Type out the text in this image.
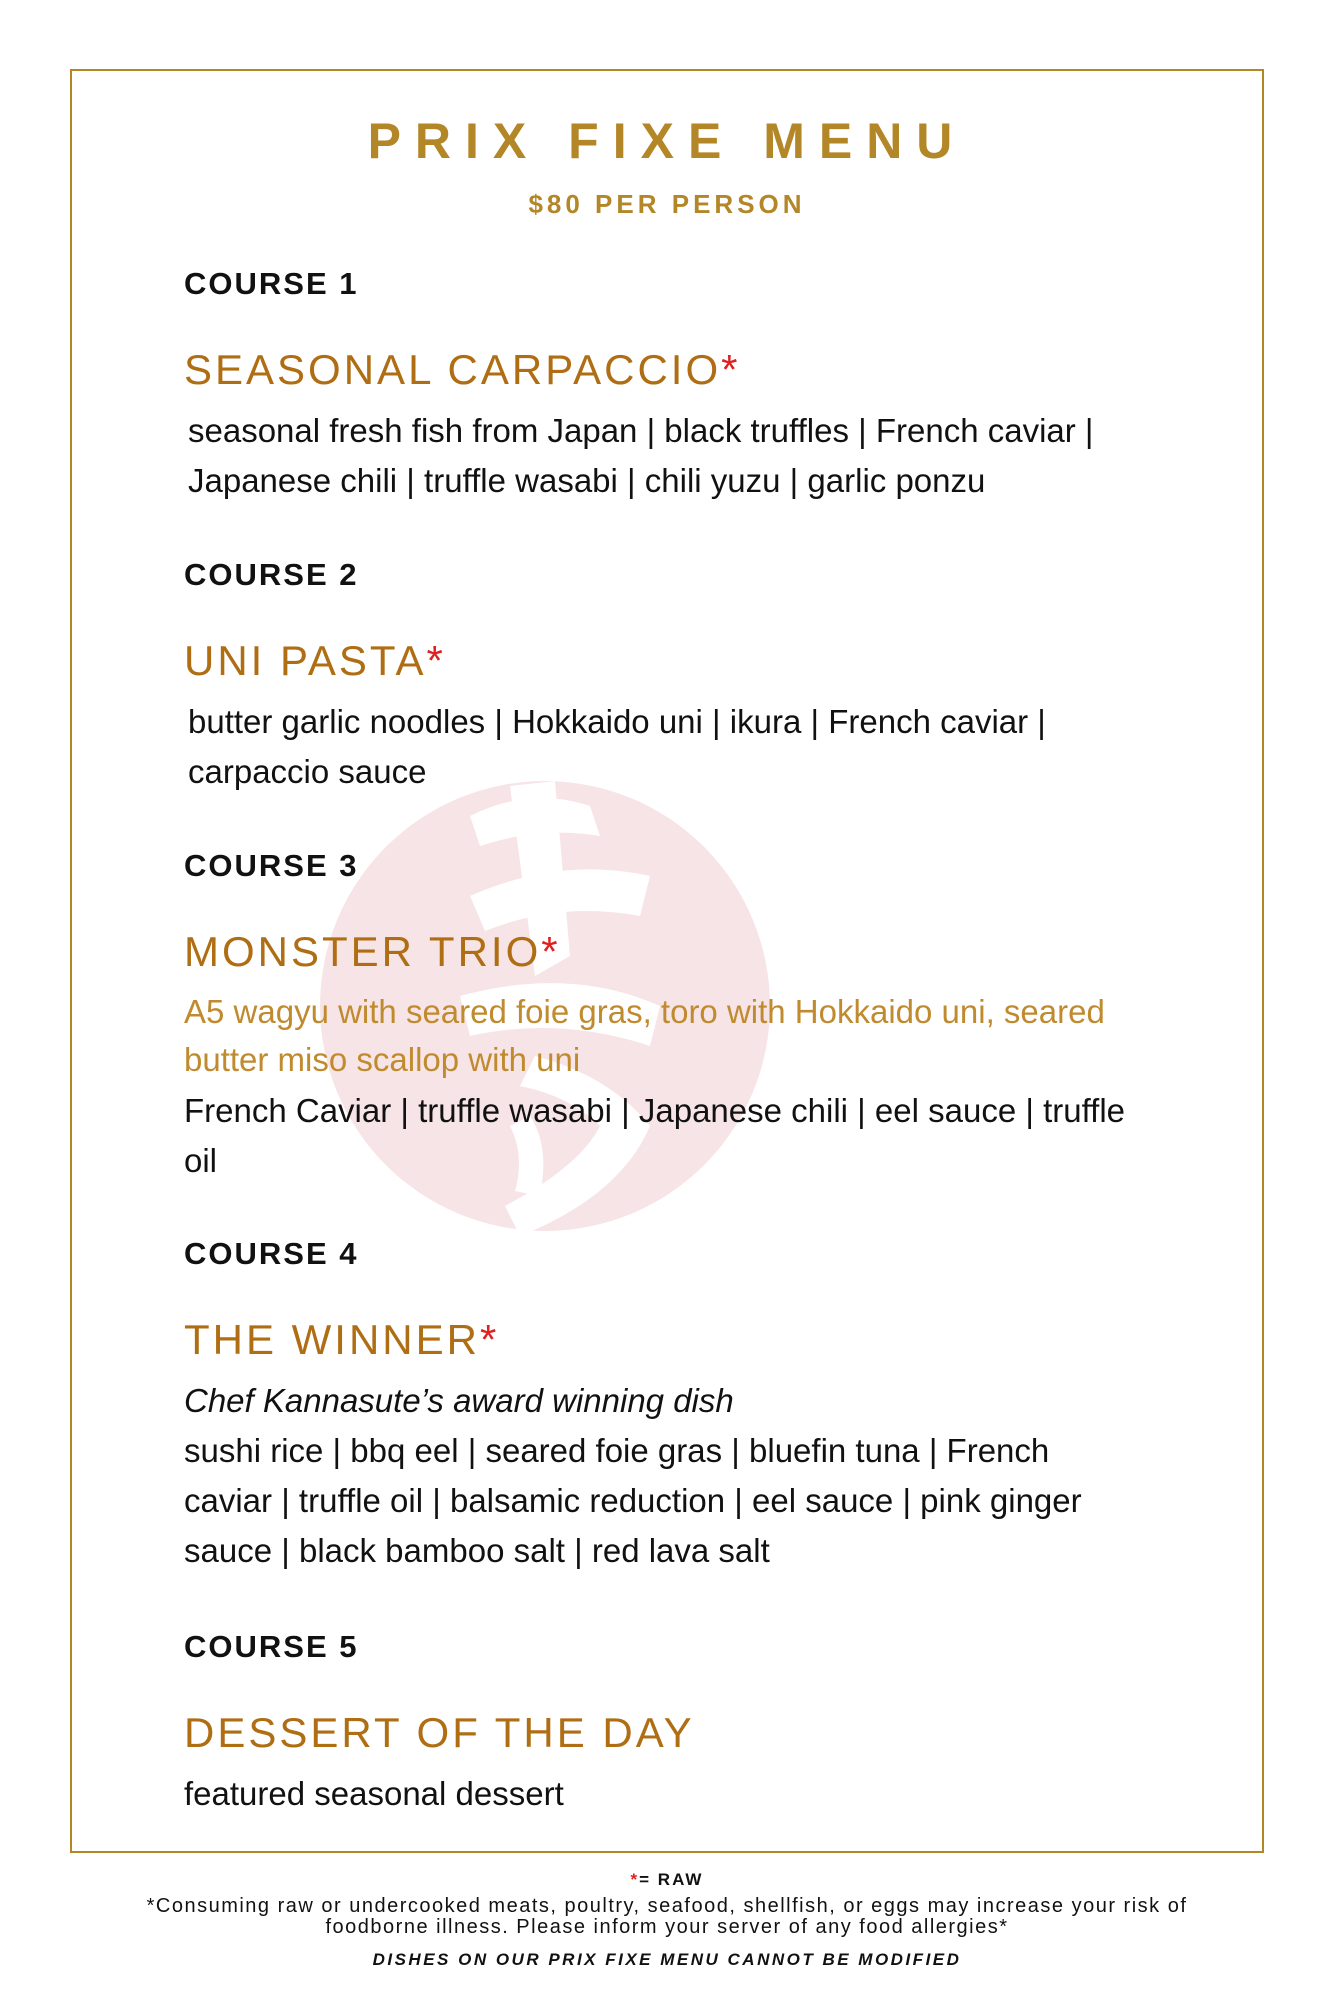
PRIX FIXE MENU
$80 PER PERSON
COURSE 1
SEASONAL CARPACCIO*
seasonal fresh fish from Japan | black truffles | French caviar |
Japanese chili | truffle wasabi | chili yuzu | garlic ponzu
COURSE 2
UNI PASTA*
butter garlic noodles | Hokkaido uni | ikura | French caviar |
carpaccio sauce
COURSE 3
MONSTER TRIO*
A5 wagyu with seared foie gras, toro with Hokkaido uni, seared
butter miso scallop with uni
French Caviar | truffle wasabi | Japanese chili | eel sauce | truffle
oil
COURSE 4
THE WINNER*
Chef Kannasute’s award winning dish
sushi rice | bbq eel | seared foie gras | bluefin tuna | French
caviar | truffle oil | balsamic reduction | eel sauce | pink ginger
sauce | black bamboo salt | red lava salt
COURSE 5
DESSERT OF THE DAY
featured seasonal dessert
*= RAW
*Consuming raw or undercooked meats, poultry, seafood, shellfish, or eggs may increase your risk of
foodborne illness. Please inform your server of any food allergies*
DISHES ON OUR PRIX FIXE MENU CANNOT BE MODIFIED
